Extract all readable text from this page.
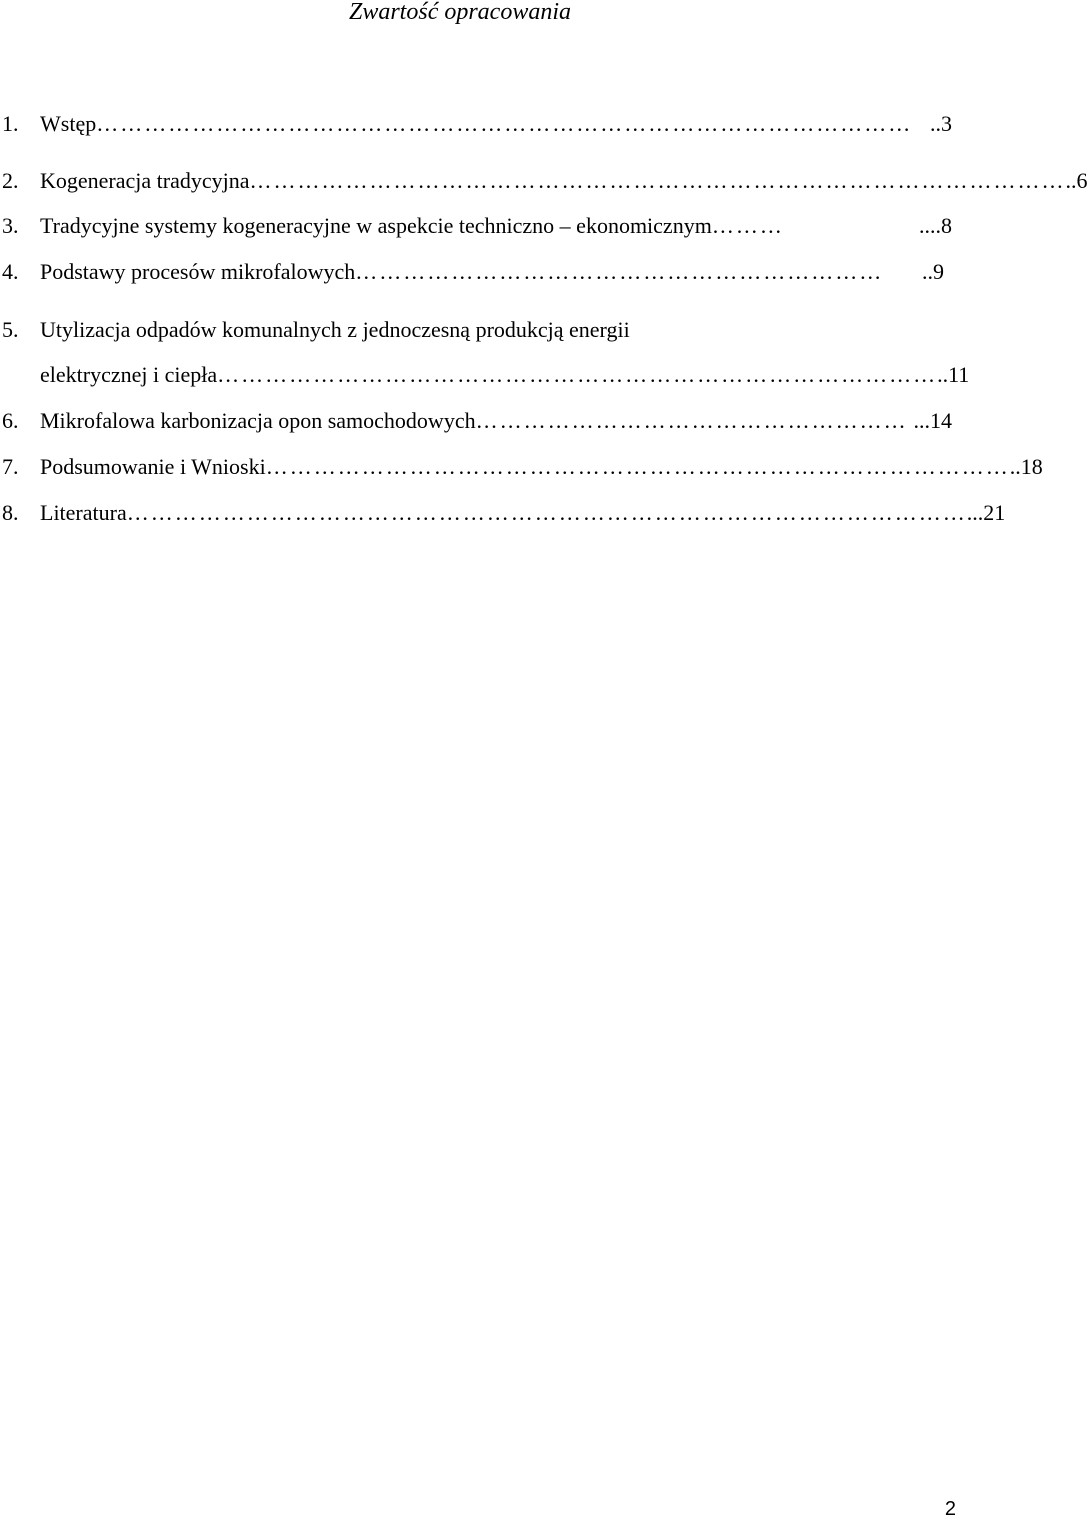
Zwartość opracowania
1. Wstęp ………………………………………………………………………………………… ..3
2. Kogeneracja tradycyjna ………………………………………………………………………………………… ..6
3. Tradycyjne systemy kogeneracyjne w aspekcie techniczno – ekonomicznym ………	....8
4. Podstawy procesów mikrofalowych …………………………………………………………	..9
5. Utylizacja odpadów komunalnych z jednoczesną produkcją energii
elektrycznej i ciepła ……………………………………………………………………………… ..11
6. Mikrofalowa karbonizacja opon samochodowych ……………………………………………… ...14
7. Podsumowanie i Wnioski ………………………………………………………………………………… ..18
8. Literatura …………………………………………………………………………………………… ...21
2
